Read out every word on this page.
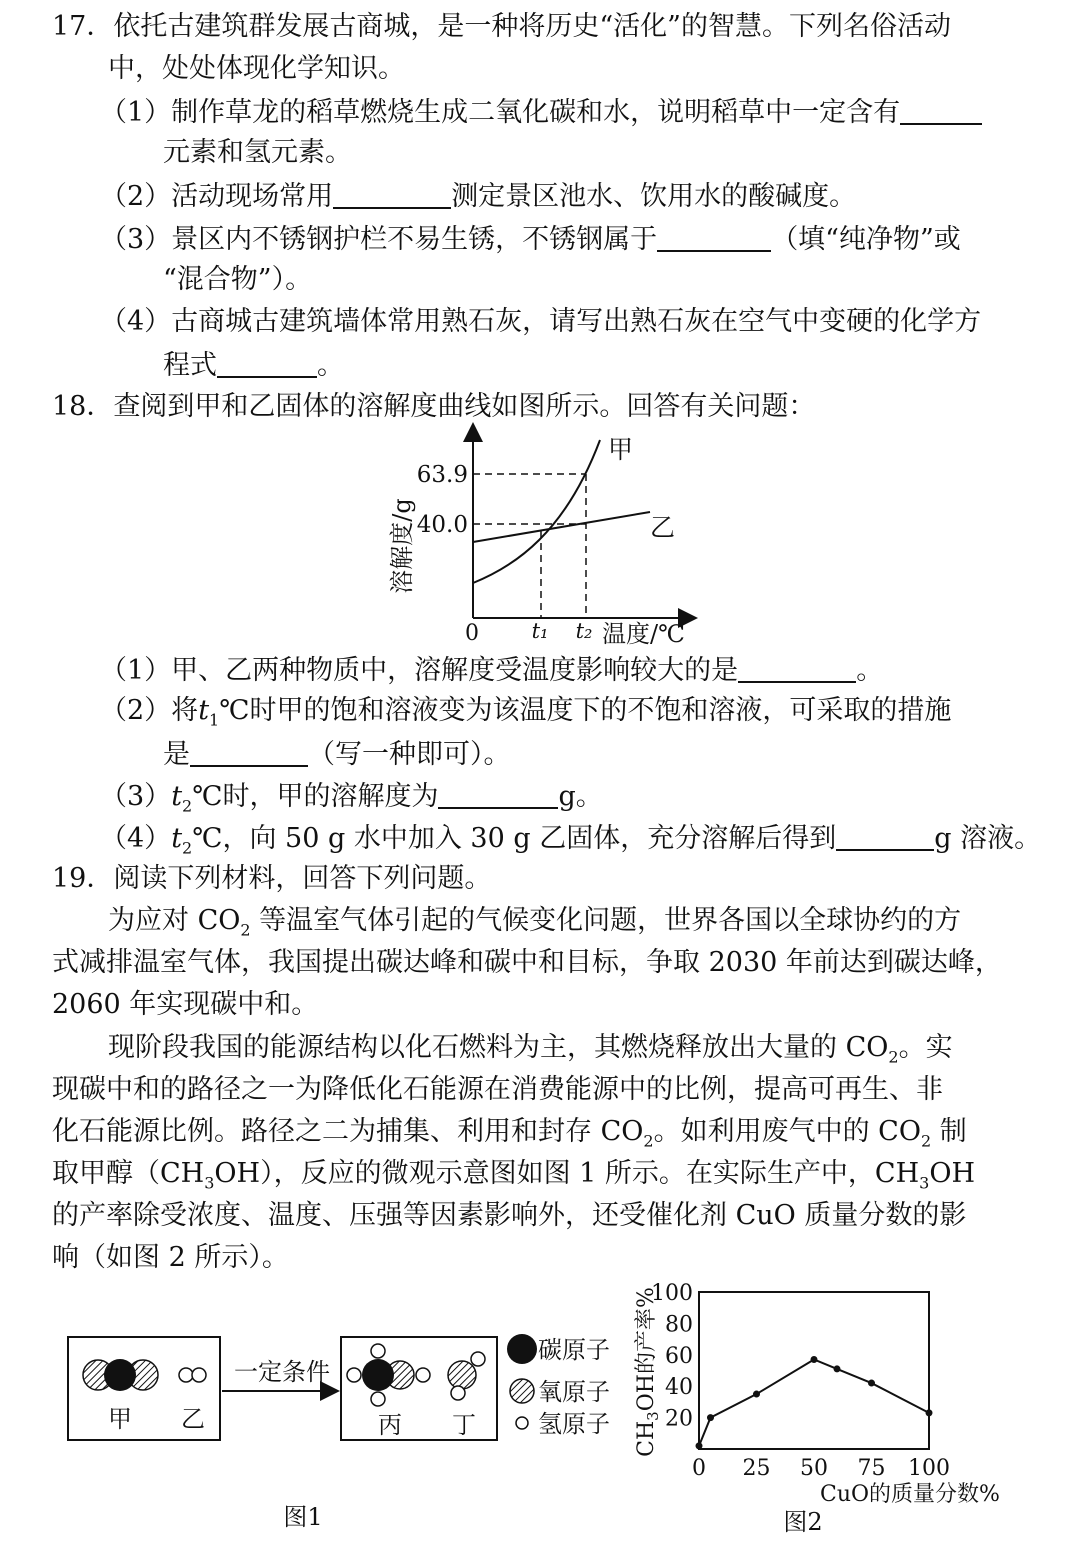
17．依托古建筑群发展古商城，是一种将历史“活化”的智慧。下列名俗活动
中，处处体现化学知识。
（1）制作草龙的稻草燃烧生成二氧化碳和水，说明稻草中一定含有
元素和氢元素。
（2）活动现场常用	测定景区池水、饮用水的酸碱度。
（3）景区内不锈钢护栏不易生锈，不锈钢属于	（填“纯净物”或
“混合物”）。
（4）古商城古建筑墙体常用熟石灰，请写出熟石灰在空气中变硬的化学方
程式	。
18．查阅到甲和乙固体的溶解度曲线如图所示。回答有关问题：
溶解度/g
63.9
40.0
0	t₁ t₂ 温度/℃
甲
乙
（1）甲、乙两种物质中，溶解度受温度影响较大的是	。
（2）将$t_1℃$时甲的饱和溶液变为该温度下的不饱和溶液，可采取的措施
是	（写一种即可）。
$(3)t_2℃$时，甲的溶解度为	g。
$(4)t_2℃$，向 50 g 水中加入 30 g 乙固体，充分溶解后得到	g 溶液。
19．阅读下列材料，回答下列问题。
为应对 $CO_2$ 等温室气体引起的气候变化问题，世界各国以全球协约的方
式减排温室气体，我国提出碳达峰和碳中和目标，争取 2030 年前达到碳达峰，
2060 年实现碳中和。
现阶段我国的能源结构以化石燃料为主，其燃烧释放出大量的 $CO_2$。实
现碳中和的路径之一为降低化石能源在消费能源中的比例，提高可再生、非
化石能源比例。路径之二为捕集、利用和封存 $CO_2$。如利用废气中的 $CO_2$ 制
取甲醇$(CH_3OH)$，反应的微观示意图如图 1 所示。在实际生产中，$CH_3OH$
的产率除受浓度、温度、压强等因素影响外，还受催化剂 CuO 质量分数的影
响（如图 2 所示）。
甲 乙
一定条件
丙 丁
碳原子
氧原子
氢原子
图1
$CH_3OH$的产率%
20
40
60
80
100
0 25 50 75 100
CuO的质量分数%
图2
